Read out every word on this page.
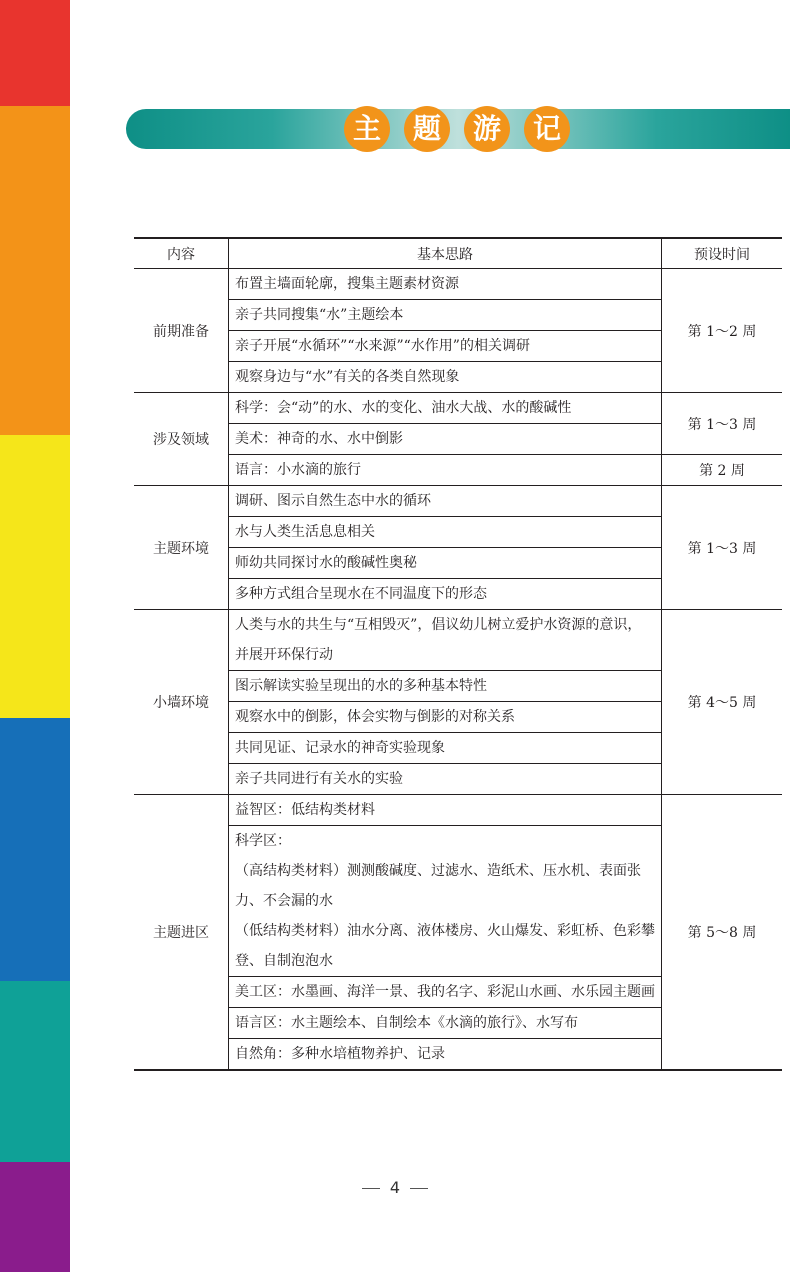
主	题	游	记
内容	基本思路	预设时间
前期准备	布置主墙面轮廓，搜集主题素材资源	第 1～2 周
	亲子共同搜集“水”主题绘本	
	亲子开展“水循环”“水来源”“水作用”的相关调研	
	观察身边与“水”有关的各类自然现象	
涉及领域	科学：会“动”的水、水的变化、油水大战、水的酸碱性	第 1～3 周
	美术：神奇的水、水中倒影	
	语言：小水滴的旅行	第 2 周
主题环境	调研、图示自然生态中水的循环	第 1～3 周
	水与人类生活息息相关	
	师幼共同探讨水的酸碱性奥秘	
	多种方式组合呈现水在不同温度下的形态	
小墙环境	人类与水的共生与“互相毁灭”，倡议幼儿树立爱护水资源的意识，并展开环保行动	第 4～5 周
	图示解读实验呈现出的水的多种基本特性	
	观察水中的倒影，体会实物与倒影的对称关系	
	共同见证、记录水的神奇实验现象	
	亲子共同进行有关水的实验	
主题进区	益智区：低结构类材料	第 5～8 周

	科学区：
（高结构类材料）测测酸碱度、过滤水、造纸术、压水机、表面张力、不会漏的水
（低结构类材料）油水分离、液体楼房、火山爆发、彩虹桥、色彩攀登、自制泡泡水	

	美工区：水墨画、海洋一景、我的名字、彩泥山水画、水乐园主题画	
	语言区：水主题绘本、自制绘本《水滴的旅行》、水写布	
	自然角：多种水培植物养护、记录	
4
